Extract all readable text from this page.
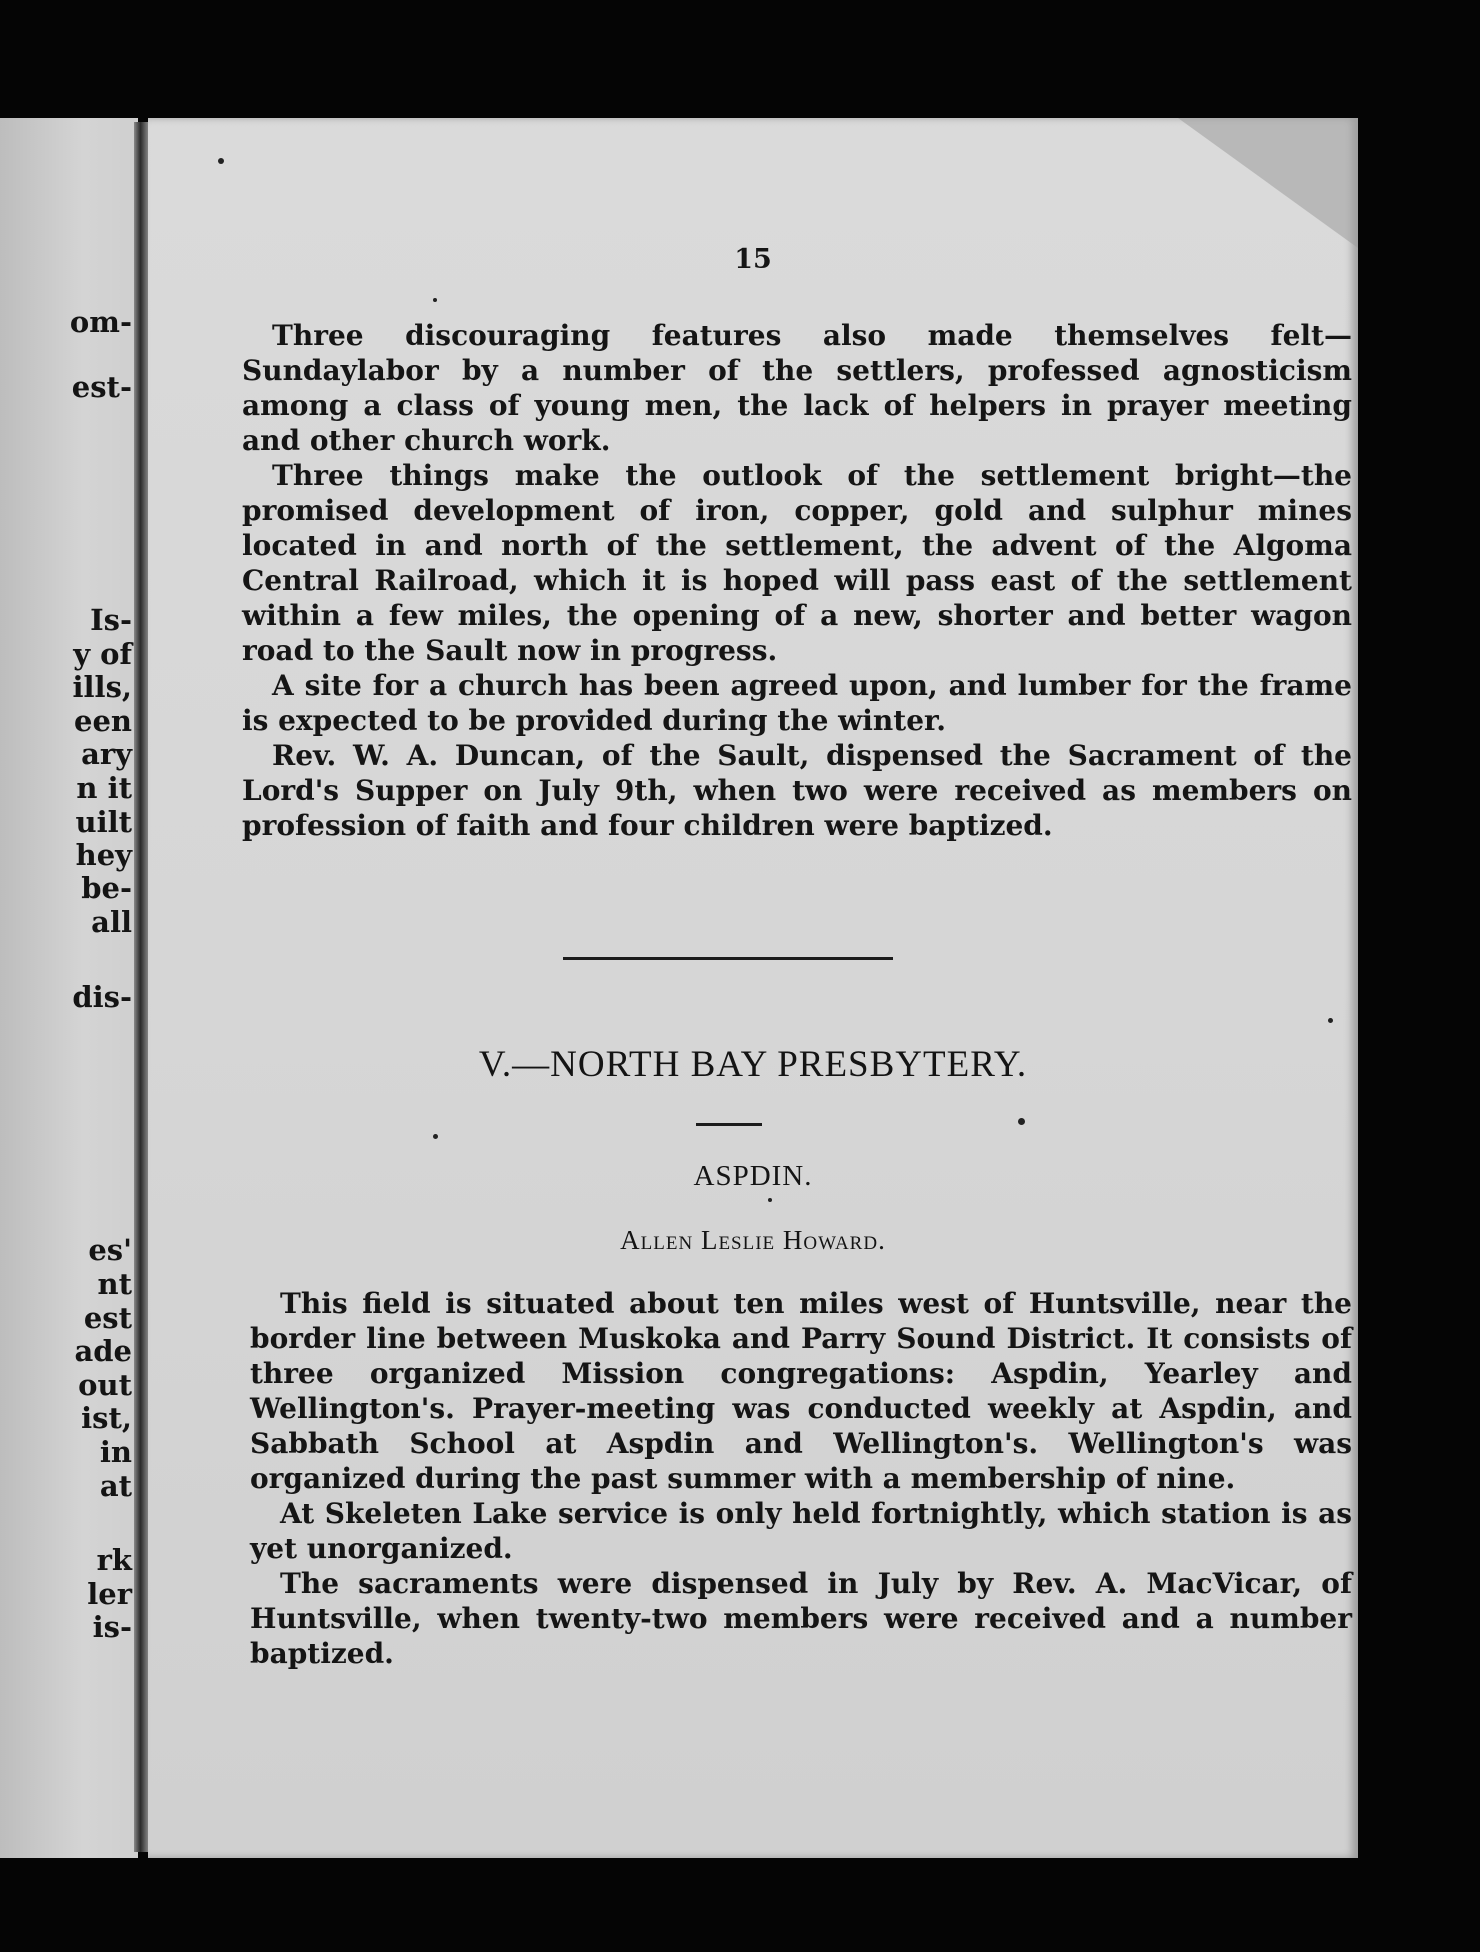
om-
est-
Is-
y of
ills,
een
ary
n it
uilt
hey
be-
all
dis-
es'
nt
est
ade
out
ist,
in
at
rk
ler
is-
15

Three discouraging features also made themselves felt—Sundaylabor by a number of the settlers, professed agnosticism among a class of young men, the lack of helpers in prayer meeting and other church work.

Three things make the outlook of the settlement bright—the promised development of iron, copper, gold and sulphur mines located in and north of the settlement, the advent of the Algoma Central Railroad, which it is hoped will pass east of the settlement within a few miles, the opening of a new, shorter and better wagon road to the Sault now in progress.

A site for a church has been agreed upon, and lumber for the frame is expected to be provided during the winter.

Rev. W. A. Duncan, of the Sault, dispensed the Sacrament of the Lord's Supper on July 9th, when two were received as members on profession of faith and four children were baptized.

V.—NORTH BAY PRESBYTERY.
ASPDIN.
Allen Leslie Howard.

This field is situated about ten miles west of Huntsville, near the border line between Muskoka and Parry Sound District. It consists of three organized Mission congregations: Aspdin, Yearley and Wellington's. Prayer-meeting was conducted weekly at Aspdin, and Sabbath School at Aspdin and Wellington's. Wellington's was organized during the past summer with a membership of nine.

At Skeleten Lake service is only held fortnightly, which station is as yet unorganized.

The sacraments were dispensed in July by Rev. A. MacVicar, of Huntsville, when twenty-two members were received and a number baptized.
